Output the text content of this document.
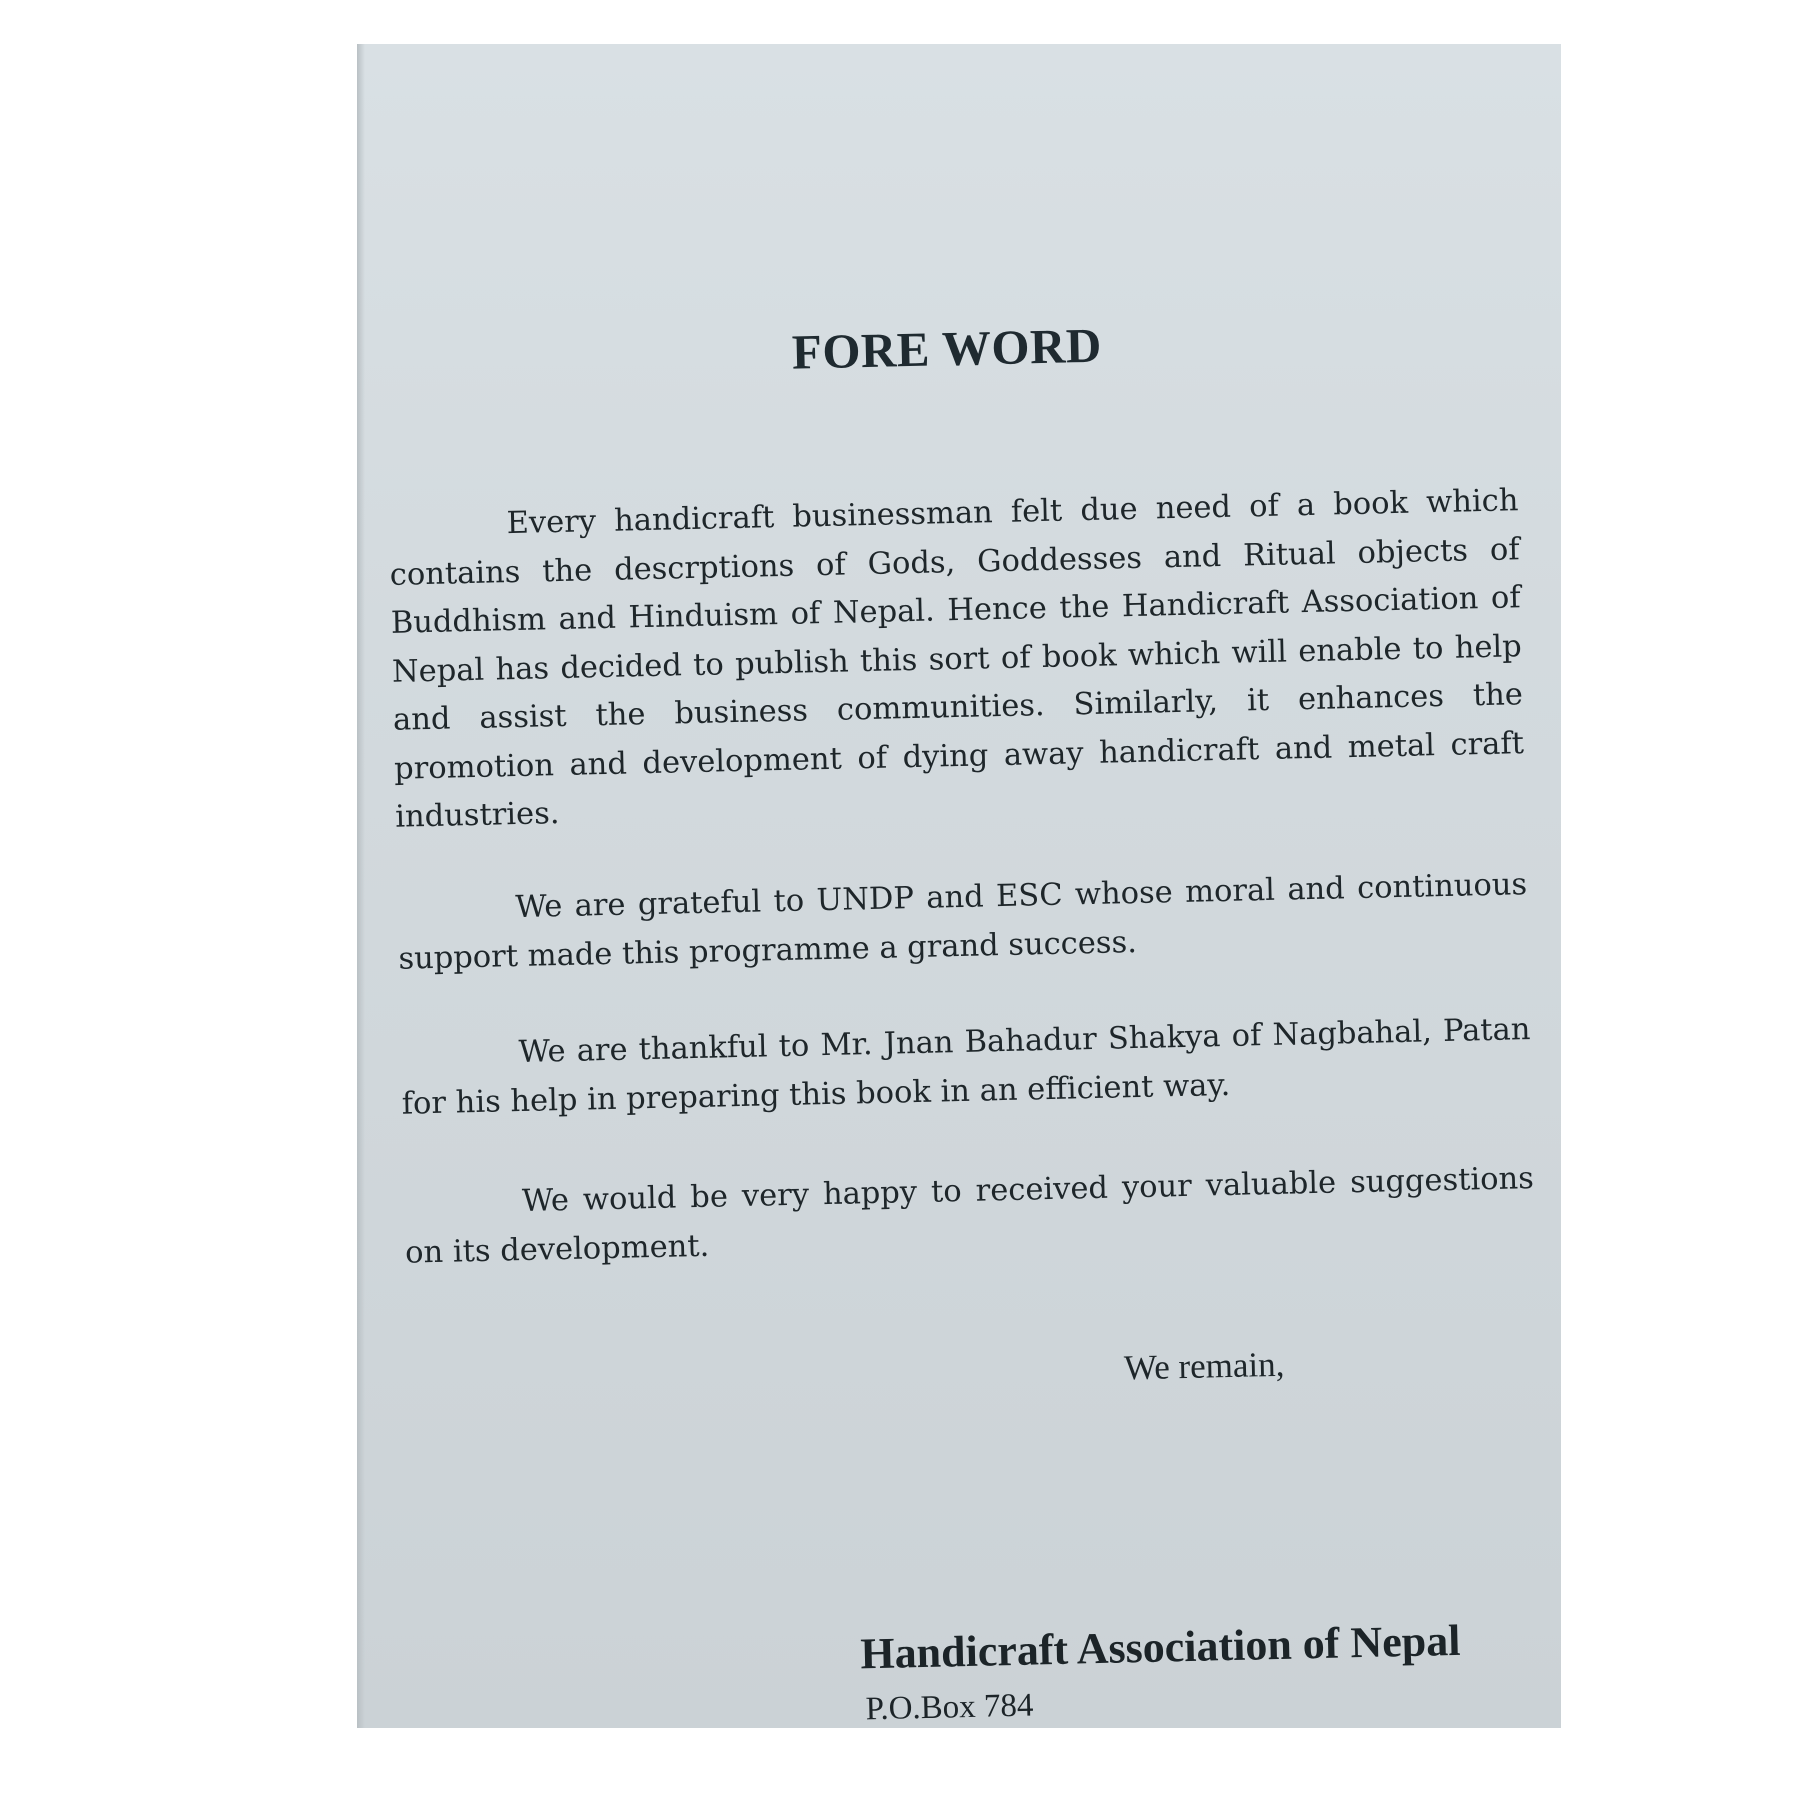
FORE WORD

Every handicraft businessman felt due need of a book which contains the descrptions of Gods, Goddesses and Ritual objects of Buddhism and Hinduism of Nepal. Hence the Handicraft Association of Nepal has decided to publish this sort of book which will enable to help and assist the business communities. Similarly, it enhances the promotion and development of dying away handicraft and metal craft industries.

We are grateful to UNDP and ESC whose moral and continuous support made this programme a grand success.

We are thankful to Mr. Jnan Bahadur Shakya of Nagbahal, Patan for his help in preparing this book in an efficient way.

We would be very happy to received your valuable suggestions on its development.

We remain,

Handicraft Association of Nepal

P.O.Box 784
